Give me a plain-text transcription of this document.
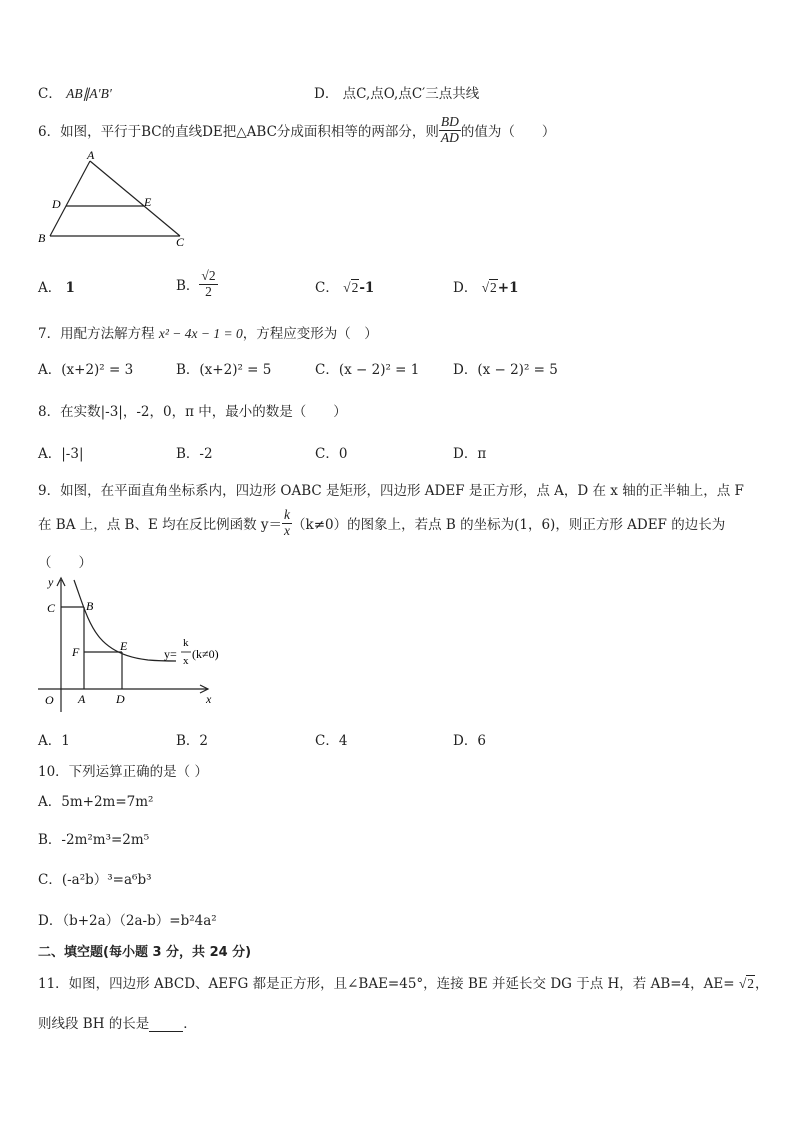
C． AB∥A′B′	D． 点C,点O,点C′三点共线
6．如图，平行于BC的直线DE把△ABC分成面积相等的两部分，则 $\frac{BD}{AD}$ 的值为（　　）
A
D	E
B	C
A． 1	B． $\frac{√2}{2}$	C． √2-1	D． √2+1
7．用配方法解方程 x² − 4x − 1 = 0，方程应变形为（　）
A．(x+2)² = 3	B．(x+2)² = 5	C．(x − 2)² = 1 D．(x − 2)² = 5
8．在实数|-3|，-2，0，π 中，最小的数是（　　）
A．|-3|	B．-2	C．0	D．π
9．如图，在平面直角坐标系内，四边形 OABC 是矩形，四边形 ADEF 是正方形，点 A，D 在 x 轴的正半轴上，点 F
在 BA 上，点 B、E 均在反比例函数 $y= \frac{k}{x} (k\ne 0)$的图象上，若点 B 的坐标为(1，6)，则正方形 ADEF 的边长为
（　　）
y
x
O A	D
C	B
F	E
y=
k
x (k≠0)
A．1	B．2	C．4	D．6
10．下列运算正确的是（ ）
A．5m+2m=7m²
B．-2m²m³=2m⁵
C．(-a²b）³=a⁶b³
D．（b+2a）（2a-b）=b²4a²
二、填空题(每小题 3 分，共 24 分)
11．如图，四边形 ABCD、AEFG 都是正方形，且∠BAE=45°，连接 BE 并延长交 DG 于点 H，若 AB=4，AE= √2，
则线段 BH 的长是	．
